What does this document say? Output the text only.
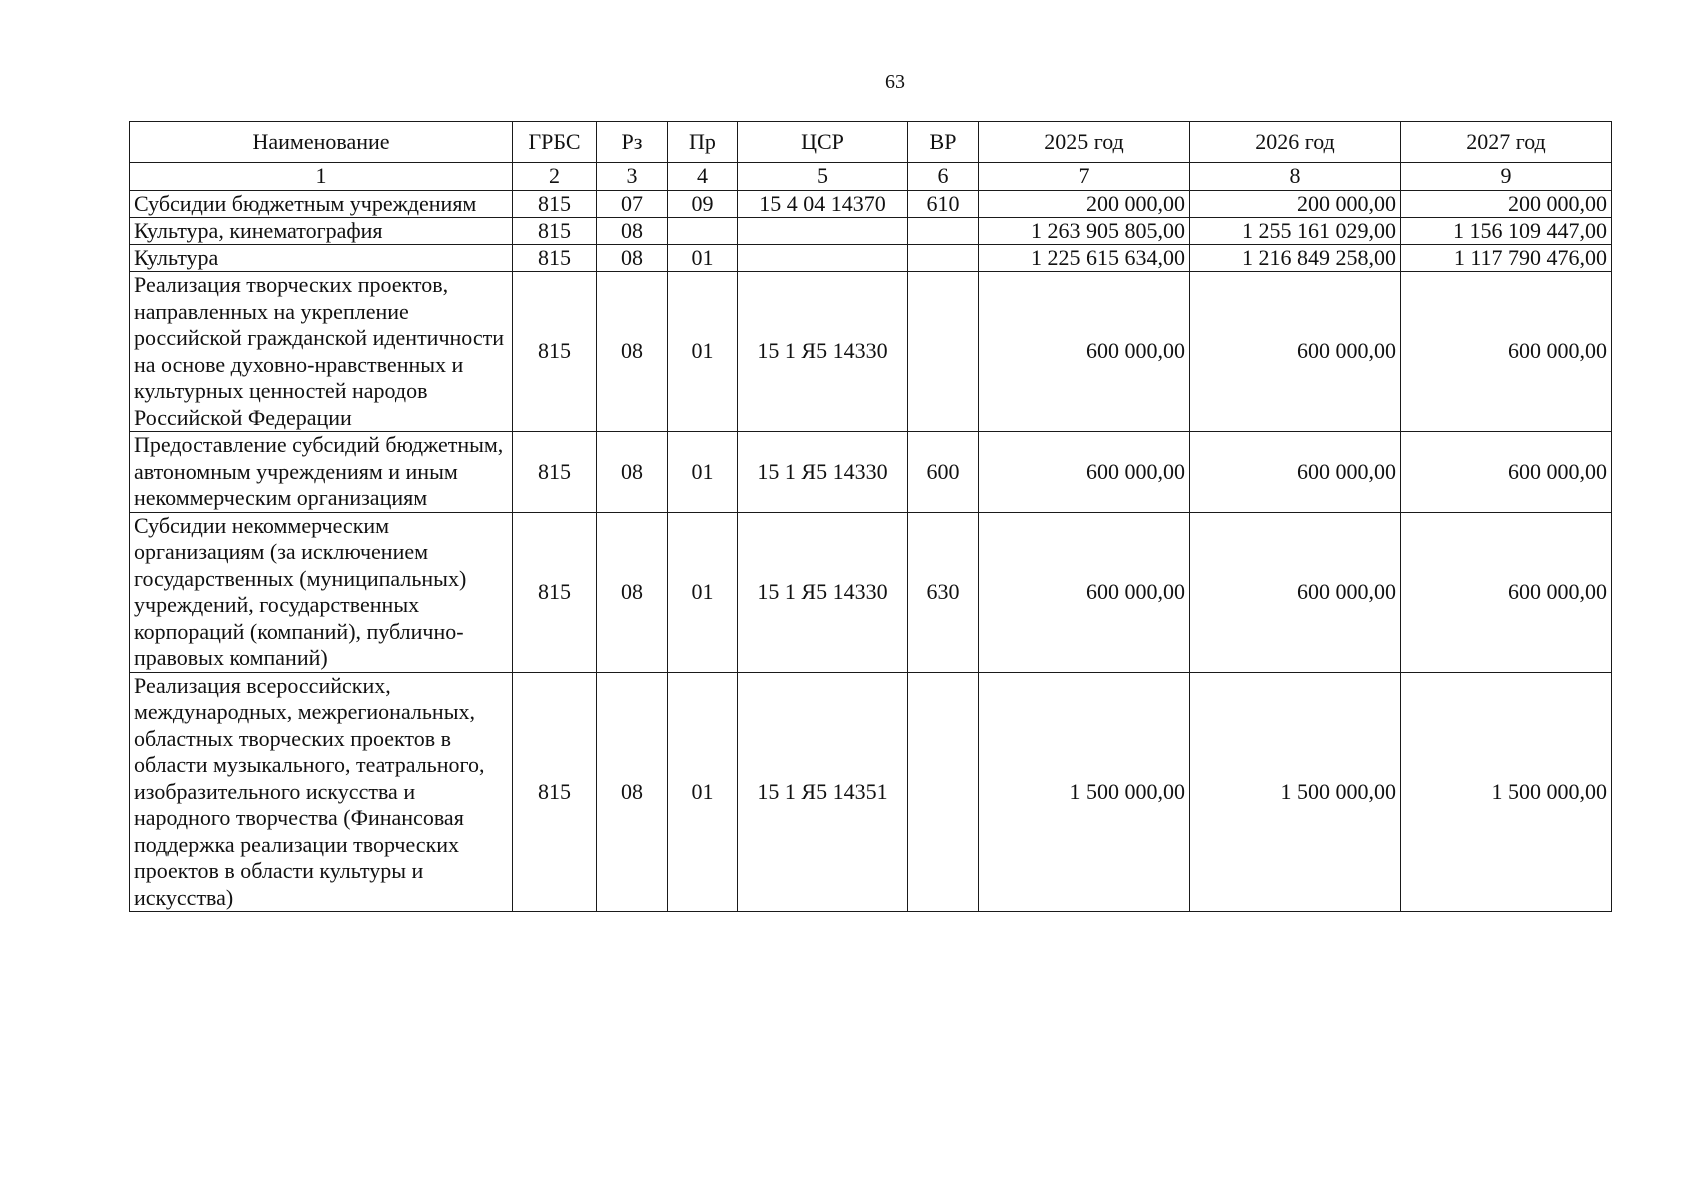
63
Наименование	ГРБС	Рз	Пр	ЦСР	ВР	2025 год	2026 год	2027 год
1	2	3	4	5	6	7	8	9
Субсидии бюджетным учреждениям	815	07	09	15 4 04 14370	610	200 000,00	200 000,00	200 000,00
Культура, кинематография	815	08				1 263 905 805,00	1 255 161 029,00	1 156 109 447,00
Культура	815	08	01			1 225 615 634,00	1 216 849 258,00	1 117 790 476,00
Реализация творческих проектов, направленных на укрепление российской гражданской идентичности на основе духовно-нравственных и культурных ценностей народов Российской Федерации	815	08	01	15 1 Я5 14330		600 000,00	600 000,00	600 000,00
Предоставление субсидий бюджетным, автономным учреждениям и иным некоммерческим организациям	815	08	01	15 1 Я5 14330	600	600 000,00	600 000,00	600 000,00
Субсидии некоммерческим организациям (за исключением государственных (муниципальных) учреждений, государственных корпораций (компаний), публично-правовых компаний)	815	08	01	15 1 Я5 14330	630	600 000,00	600 000,00	600 000,00
Реализация всероссийских, международных, межрегиональных, областных творческих проектов в области музыкального, театрального, изобразительного искусства и народного творчества (Финансовая поддержка реализации творческих проектов в области культуры и искусства)	815	08	01	15 1 Я5 14351		1 500 000,00	1 500 000,00	1 500 000,00
